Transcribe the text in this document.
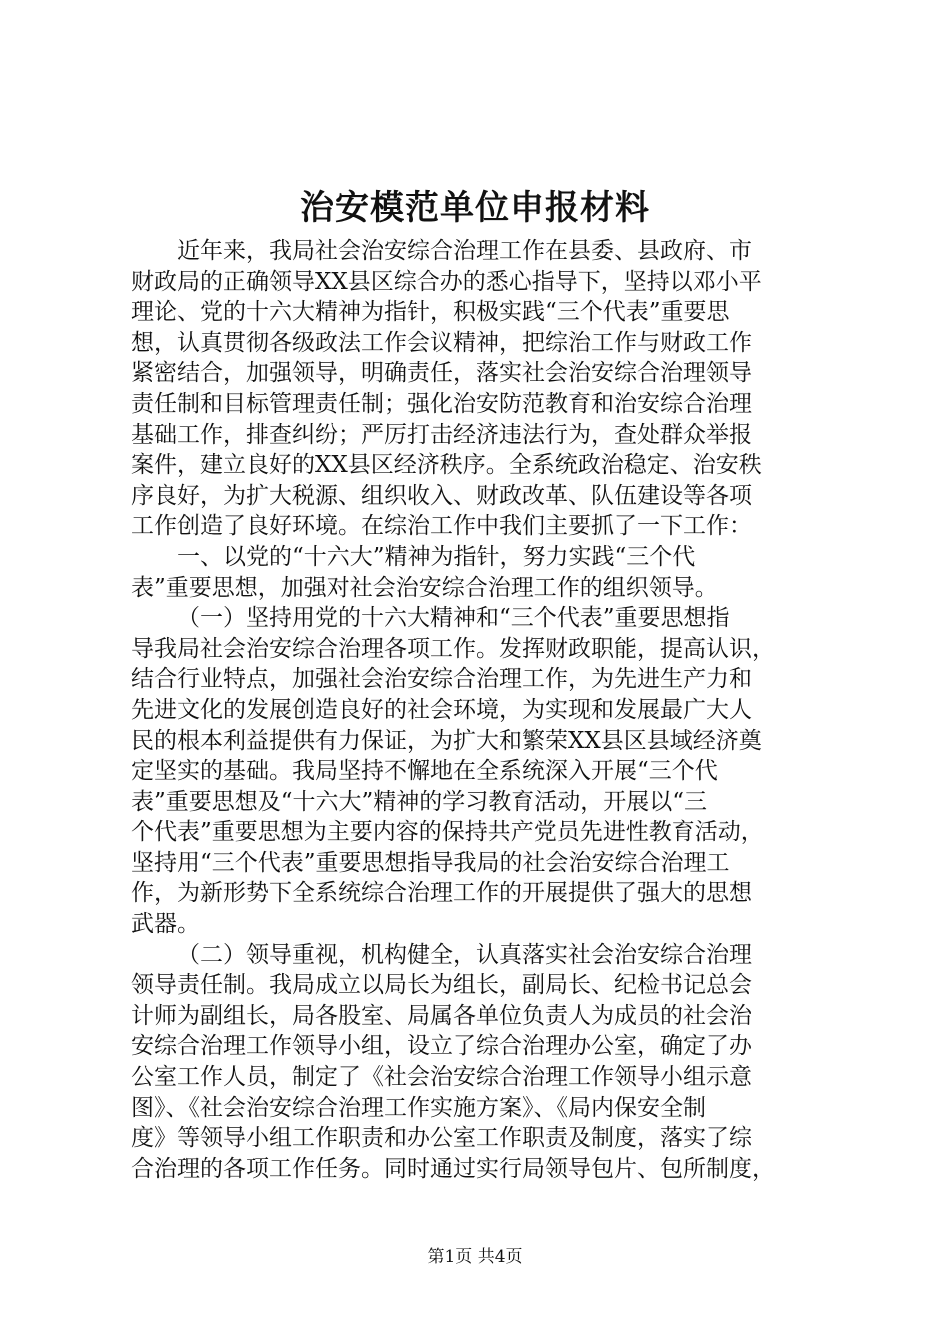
治安模范单位申报材料

近年来，我局社会治安综合治理工作在县委、县政府、市
财政局的正确领导XX县区综合办的悉心指导下，坚持以邓小平
理论、党的十六大精神为指针，积极实践“三个代表”重要思
想，认真贯彻各级政法工作会议精神，把综治工作与财政工作
紧密结合，加强领导，明确责任，落实社会治安综合治理领导
责任制和目标管理责任制；强化治安防范教育和治安综合治理
基础工作，排查纠纷；严厉打击经济违法行为，查处群众举报
案件，建立良好的XX县区经济秩序。全系统政治稳定、治安秩
序良好，为扩大税源、组织收入、财政改革、队伍建设等各项
工作创造了良好环境。在综治工作中我们主要抓了一下工作：

一、以党的“十六大”精神为指针，努力实践“三个代
表”重要思想，加强对社会治安综合治理工作的组织领导。

（一）坚持用党的十六大精神和“三个代表”重要思想指
导我局社会治安综合治理各项工作。发挥财政职能，提高认识，
结合行业特点，加强社会治安综合治理工作，为先进生产力和
先进文化的发展创造良好的社会环境，为实现和发展最广大人
民的根本利益提供有力保证，为扩大和繁荣XX县区县域经济奠
定坚实的基础。我局坚持不懈地在全系统深入开展“三个代
表”重要思想及“十六大”精神的学习教育活动，开展以“三
个代表”重要思想为主要内容的保持共产党员先进性教育活动，
坚持用“三个代表”重要思想指导我局的社会治安综合治理工
作，为新形势下全系统综合治理工作的开展提供了强大的思想
武器。

（二）领导重视，机构健全，认真落实社会治安综合治理
领导责任制。我局成立以局长为组长，副局长、纪检书记总会
计师为副组长，局各股室、局属各单位负责人为成员的社会治
安综合治理工作领导小组，设立了综合治理办公室，确定了办
公室工作人员，制定了《社会治安综合治理工作领导小组示意
图》、《社会治安综合治理工作实施方案》、《局内保安全制
度》等领导小组工作职责和办公室工作职责及制度，落实了综
合治理的各项工作任务。同时通过实行局领导包片、包所制度，

第1页 共4页
